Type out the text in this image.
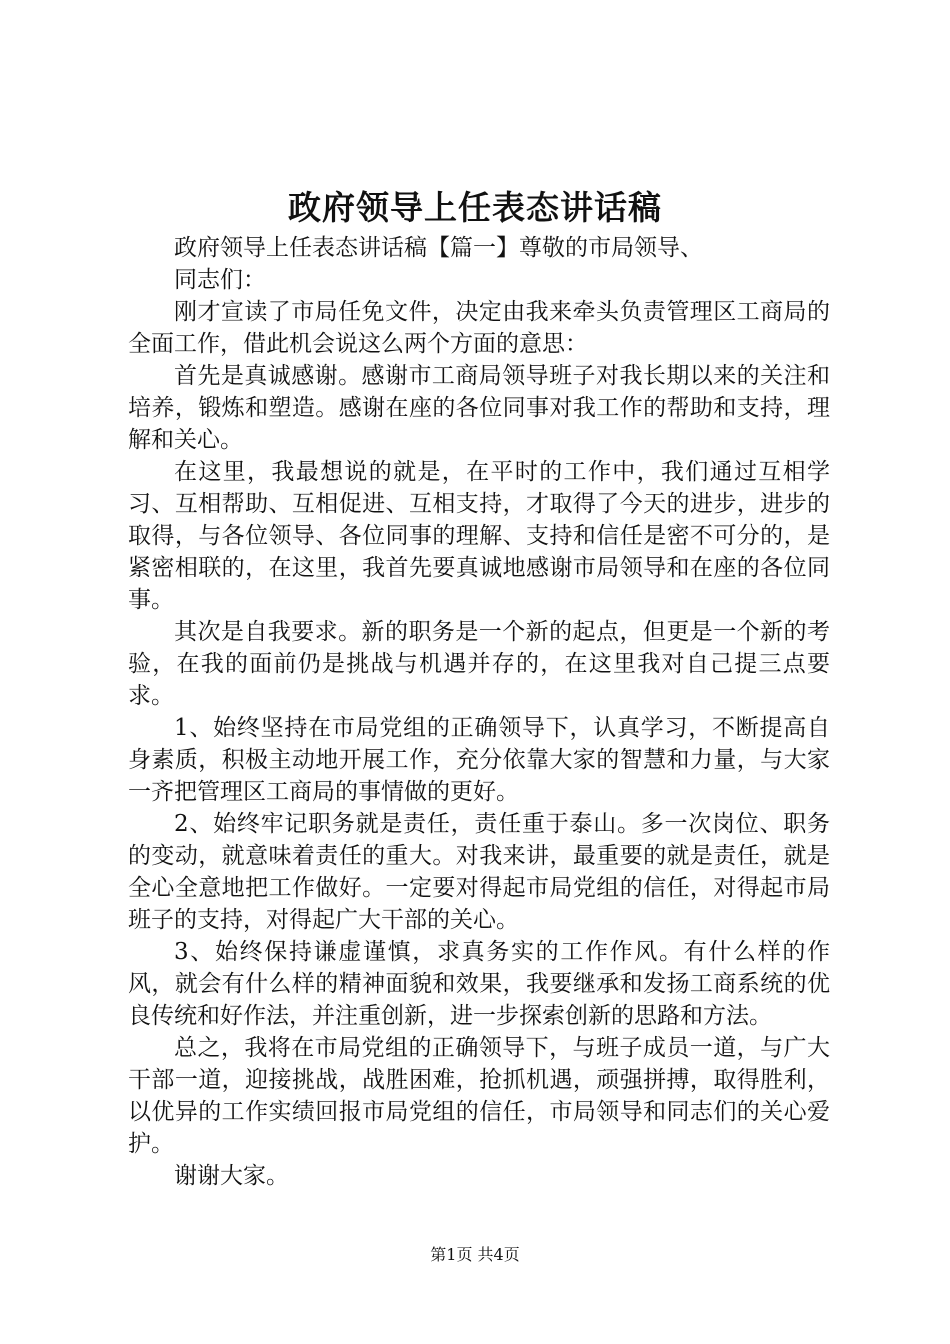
政府领导上任表态讲话稿

政府领导上任表态讲话稿【篇一】尊敬的市局领导、

同志们：

刚才宣读了市局任免文件，决定由我来牵头负责管理区工商局的全面工作，借此机会说这么两个方面的意思：

首先是真诚感谢。感谢市工商局领导班子对我长期以来的关注和培养，锻炼和塑造。感谢在座的各位同事对我工作的帮助和支持，理解和关心。

在这里，我最想说的就是，在平时的工作中，我们通过互相学习、互相帮助、互相促进、互相支持，才取得了今天的进步，进步的取得，与各位领导、各位同事的理解、支持和信任是密不可分的，是紧密相联的，在这里，我首先要真诚地感谢市局领导和在座的各位同事。

其次是自我要求。新的职务是一个新的起点，但更是一个新的考验，在我的面前仍是挑战与机遇并存的，在这里我对自己提三点要求。

1、始终坚持在市局党组的正确领导下，认真学习，不断提高自身素质，积极主动地开展工作，充分依靠大家的智慧和力量，与大家一齐把管理区工商局的事情做的更好。

2、始终牢记职务就是责任，责任重于泰山。多一次岗位、职务的变动，就意味着责任的重大。对我来讲，最重要的就是责任，就是全心全意地把工作做好。一定要对得起市局党组的信任，对得起市局班子的支持，对得起广大干部的关心。

3、始终保持谦虚谨慎，求真务实的工作作风。有什么样的作风，就会有什么样的精神面貌和效果，我要继承和发扬工商系统的优良传统和好作法，并注重创新，进一步探索创新的思路和方法。

总之，我将在市局党组的正确领导下，与班子成员一道，与广大干部一道，迎接挑战，战胜困难，抢抓机遇，顽强拼搏，取得胜利，以优异的工作实绩回报市局党组的信任，市局领导和同志们的关心爱护。

谢谢大家。

第1页 共4页
